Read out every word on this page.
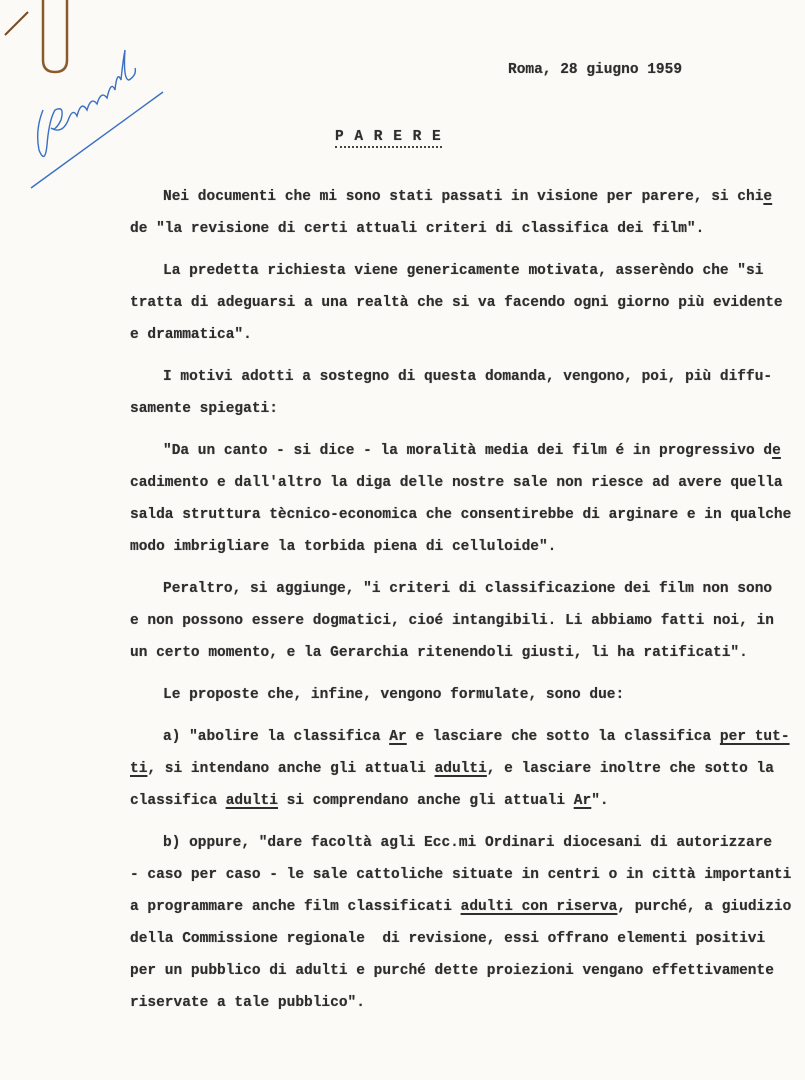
Roma, 28 giugno 1959
P A R E R E
Nei documenti che mi sono stati passati in visione per parere, si chie
de "la revisione di certi attuali criteri di classifica dei film".
La predetta richiesta viene genericamente motivata, asserèndo che "si
tratta di adeguarsi a una realtà che si va facendo ogni giorno più evidente
e drammatica".
I motivi adotti a sostegno di questa domanda, vengono, poi, più diffu-
samente spiegati:
"Da un canto - si dice - la moralità media dei film é in progressivo de
cadimento e dall'altro la diga delle nostre sale non riesce ad avere quella
salda struttura tècnico-economica che consentirebbe di arginare e in qualche
modo imbrigliare la torbida piena di celluloide".
Peraltro, si aggiunge, "i criteri di classificazione dei film non sono
e non possono essere dogmatici, cioé intangibili. Li abbiamo fatti noi, in
un certo momento, e la Gerarchia ritenendoli giusti, li ha ratificati".
Le proposte che, infine, vengono formulate, sono due:
a) "abolire la classifica Ar e lasciare che sotto la classifica per tut-
ti, si intendano anche gli attuali adulti, e lasciare inoltre che sotto la
classifica adulti si comprendano anche gli attuali Ar".
b) oppure, "dare facoltà agli Ecc.mi Ordinari diocesani di autorizzare
- caso per caso - le sale cattoliche situate in centri o in città importanti
a programmare anche film classificati adulti con riserva, purché, a giudizio
della Commissione regionale  di revisione, essi offrano elementi positivi
per un pubblico di adulti e purché dette proiezioni vengano effettivamente
riservate a tale pubblico".
